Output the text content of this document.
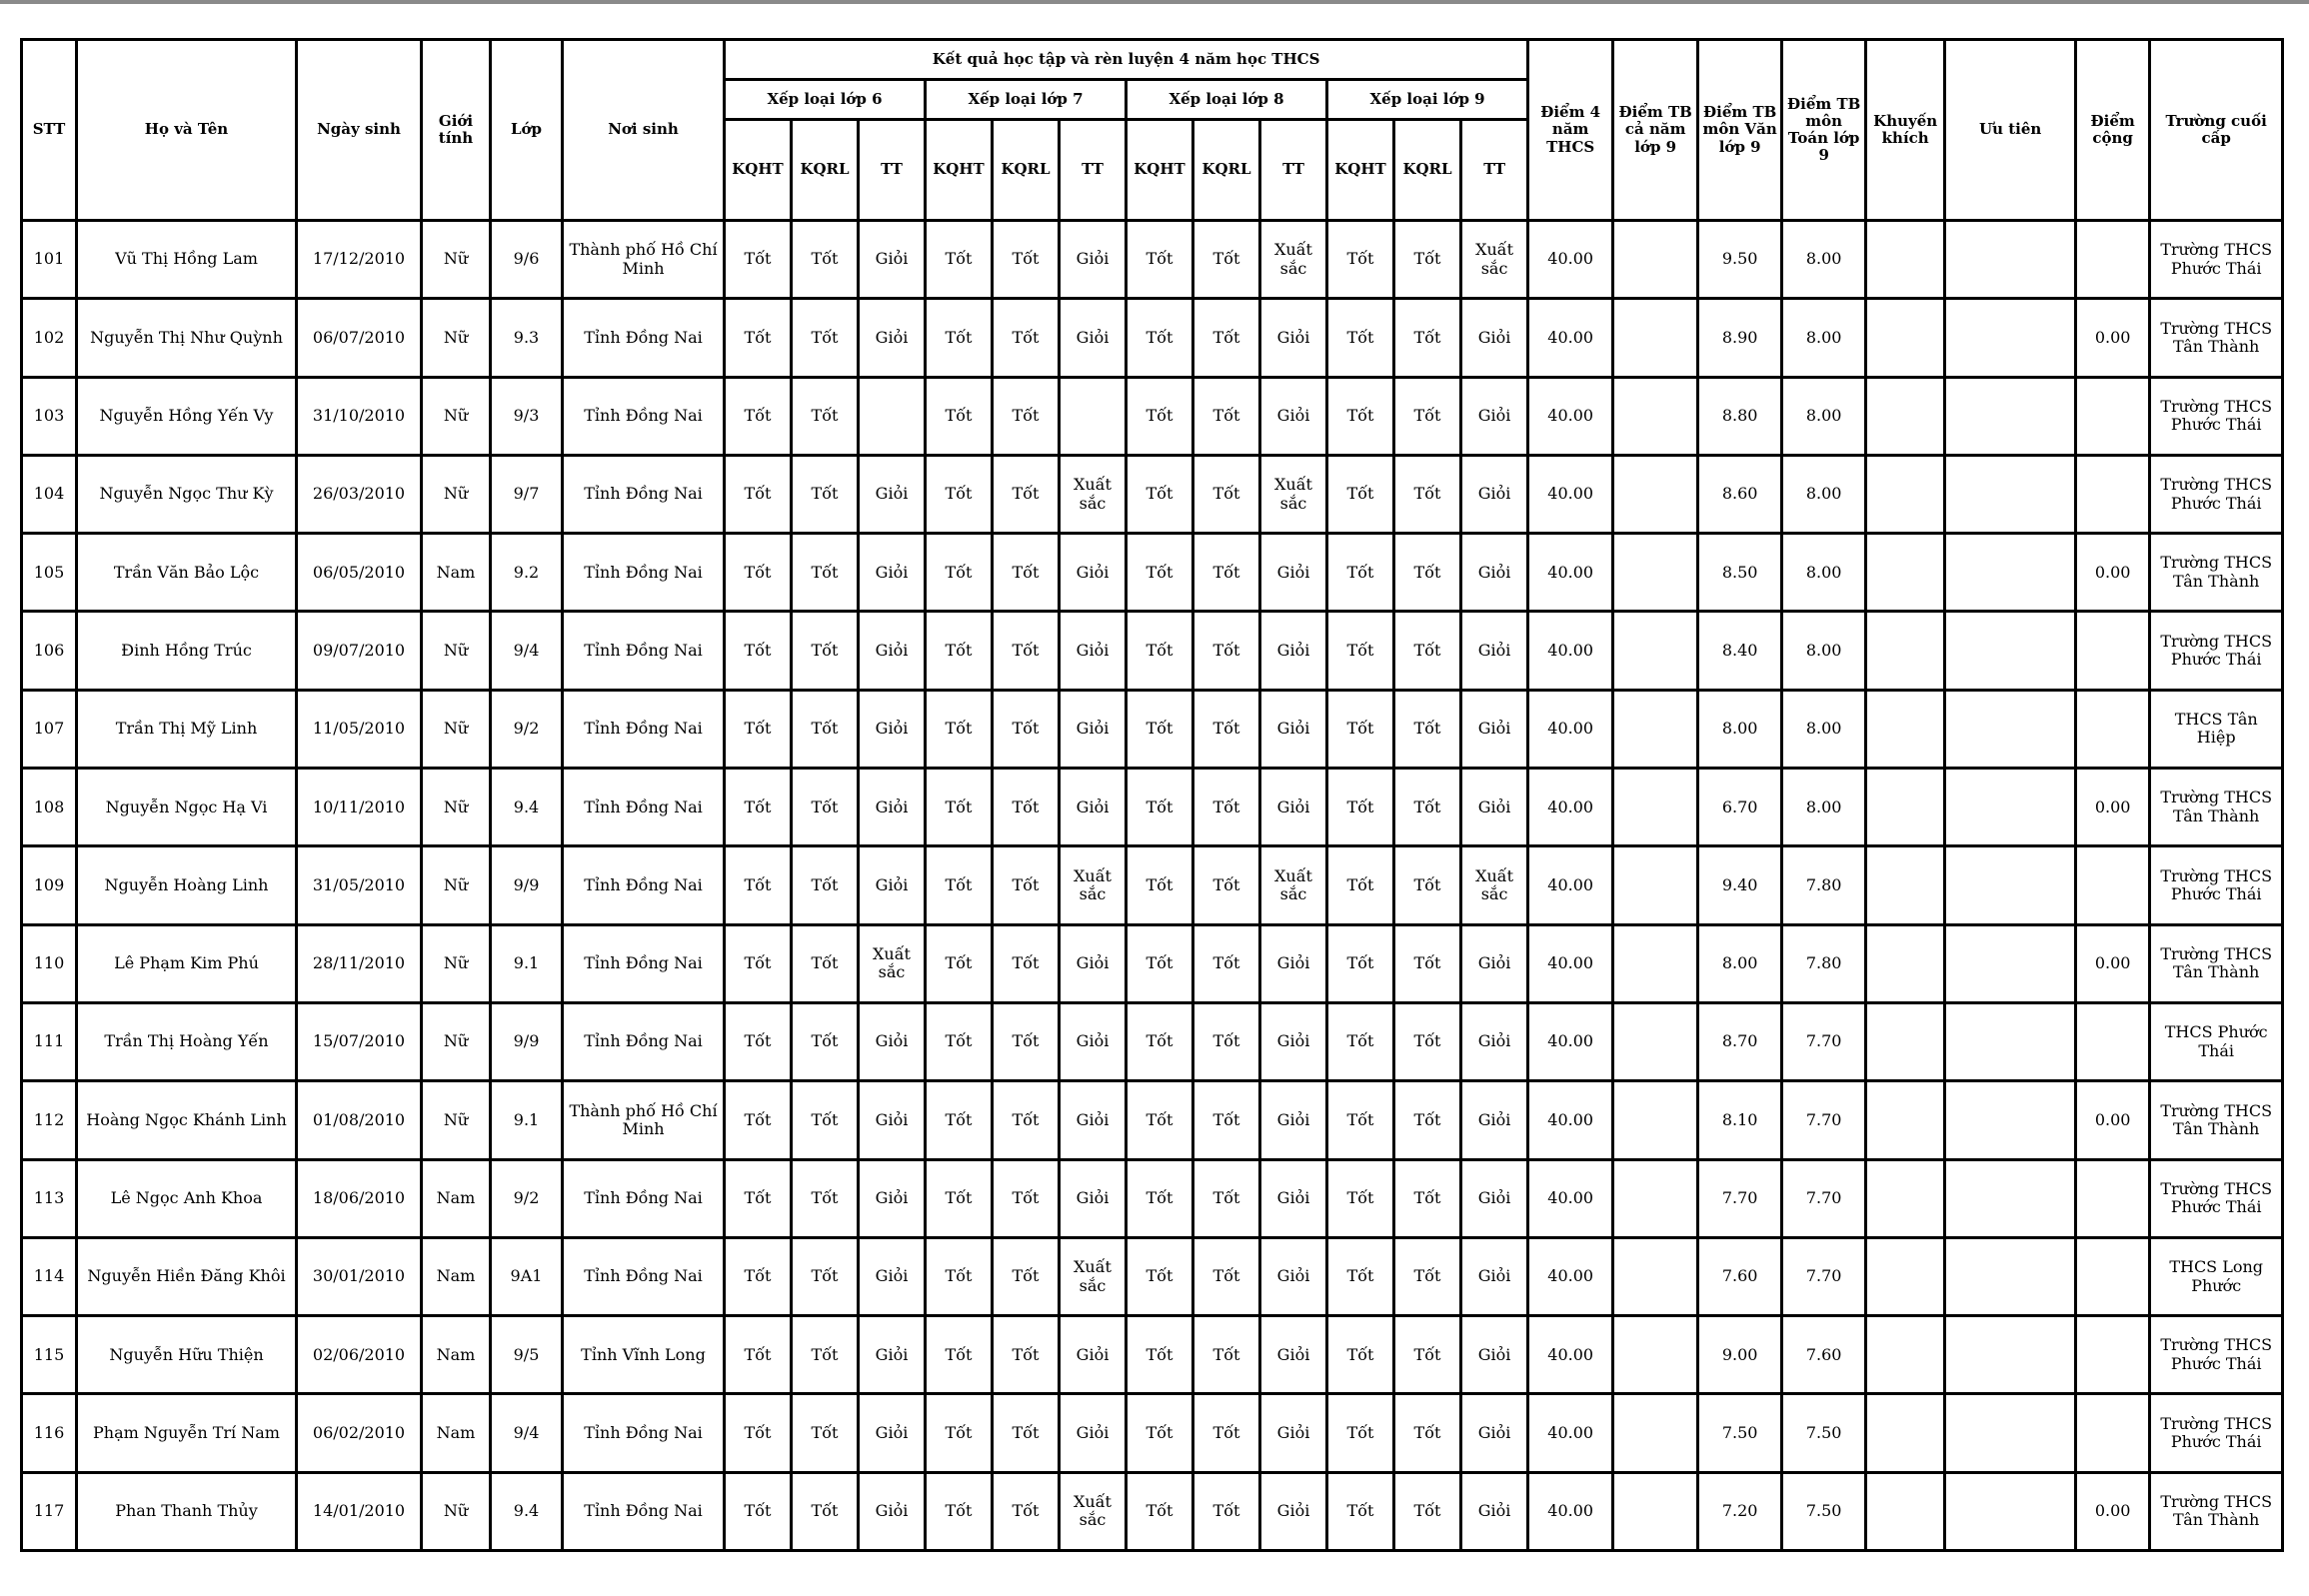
STT	Họ và Tên	Ngày sinh	Giới tính	Lớp	Nơi sinh	Kết quả học tập và rèn luyện 4 năm học THCS												Điểm 4 năm THCS	Điểm TB cả năm lớp 9	Điểm TB môn Văn lớp 9	Điểm TB môn Toán lớp 9	Khuyến khích	Ưu tiên	Điểm cộng	Trường cuối cấp
						Xếp loại lớp 6			Xếp loại lớp 7			Xếp loại lớp 8			Xếp loại lớp 9										
						KQHT	KQRL	TT	KQHT	KQRL	TT	KQHT	KQRL	TT	KQHT	KQRL	TT								
101	Vũ Thị Hồng Lam	17/12/2010	Nữ	9/6	Thành phố Hồ Chí Minh	Tốt	Tốt	Giỏi	Tốt	Tốt	Giỏi	Tốt	Tốt	Xuất sắc	Tốt	Tốt	Xuất sắc	40.00		9.50	8.00				Trường THCS Phước Thái
102	Nguyễn Thị Như Quỳnh	06/07/2010	Nữ	9.3	Tỉnh Đồng Nai	Tốt	Tốt	Giỏi	Tốt	Tốt	Giỏi	Tốt	Tốt	Giỏi	Tốt	Tốt	Giỏi	40.00		8.90	8.00			0.00	Trường THCS Tân Thành
103	Nguyễn Hồng Yến Vy	31/10/2010	Nữ	9/3	Tỉnh Đồng Nai	Tốt	Tốt		Tốt	Tốt		Tốt	Tốt	Giỏi	Tốt	Tốt	Giỏi	40.00		8.80	8.00				Trường THCS Phước Thái
104	Nguyễn Ngọc Thư Kỳ	26/03/2010	Nữ	9/7	Tỉnh Đồng Nai	Tốt	Tốt	Giỏi	Tốt	Tốt	Xuất sắc	Tốt	Tốt	Xuất sắc	Tốt	Tốt	Giỏi	40.00		8.60	8.00				Trường THCS Phước Thái
105	Trần Văn Bảo Lộc	06/05/2010	Nam	9.2	Tỉnh Đồng Nai	Tốt	Tốt	Giỏi	Tốt	Tốt	Giỏi	Tốt	Tốt	Giỏi	Tốt	Tốt	Giỏi	40.00		8.50	8.00			0.00	Trường THCS Tân Thành
106	Đinh Hồng Trúc	09/07/2010	Nữ	9/4	Tỉnh Đồng Nai	Tốt	Tốt	Giỏi	Tốt	Tốt	Giỏi	Tốt	Tốt	Giỏi	Tốt	Tốt	Giỏi	40.00		8.40	8.00				Trường THCS Phước Thái
107	Trần Thị Mỹ Linh	11/05/2010	Nữ	9/2	Tỉnh Đồng Nai	Tốt	Tốt	Giỏi	Tốt	Tốt	Giỏi	Tốt	Tốt	Giỏi	Tốt	Tốt	Giỏi	40.00		8.00	8.00				THCS Tân Hiệp
108	Nguyễn Ngọc Hạ Vi	10/11/2010	Nữ	9.4	Tỉnh Đồng Nai	Tốt	Tốt	Giỏi	Tốt	Tốt	Giỏi	Tốt	Tốt	Giỏi	Tốt	Tốt	Giỏi	40.00		6.70	8.00			0.00	Trường THCS Tân Thành
109	Nguyễn Hoàng Linh	31/05/2010	Nữ	9/9	Tỉnh Đồng Nai	Tốt	Tốt	Giỏi	Tốt	Tốt	Xuất sắc	Tốt	Tốt	Xuất sắc	Tốt	Tốt	Xuất sắc	40.00		9.40	7.80				Trường THCS Phước Thái
110	Lê Phạm Kim Phú	28/11/2010	Nữ	9.1	Tỉnh Đồng Nai	Tốt	Tốt	Xuất sắc	Tốt	Tốt	Giỏi	Tốt	Tốt	Giỏi	Tốt	Tốt	Giỏi	40.00		8.00	7.80			0.00	Trường THCS Tân Thành
111	Trần Thị Hoàng Yến	15/07/2010	Nữ	9/9	Tỉnh Đồng Nai	Tốt	Tốt	Giỏi	Tốt	Tốt	Giỏi	Tốt	Tốt	Giỏi	Tốt	Tốt	Giỏi	40.00		8.70	7.70				THCS Phước Thái
112	Hoàng Ngọc Khánh Linh	01/08/2010	Nữ	9.1	Thành phố Hồ Chí Minh	Tốt	Tốt	Giỏi	Tốt	Tốt	Giỏi	Tốt	Tốt	Giỏi	Tốt	Tốt	Giỏi	40.00		8.10	7.70			0.00	Trường THCS Tân Thành
113	Lê Ngọc Anh Khoa	18/06/2010	Nam	9/2	Tỉnh Đồng Nai	Tốt	Tốt	Giỏi	Tốt	Tốt	Giỏi	Tốt	Tốt	Giỏi	Tốt	Tốt	Giỏi	40.00		7.70	7.70				Trường THCS Phước Thái
114	Nguyễn Hiền Đăng Khôi	30/01/2010	Nam	9A1	Tỉnh Đồng Nai	Tốt	Tốt	Giỏi	Tốt	Tốt	Xuất sắc	Tốt	Tốt	Giỏi	Tốt	Tốt	Giỏi	40.00		7.60	7.70				THCS Long Phước
115	Nguyễn Hữu Thiện	02/06/2010	Nam	9/5	Tỉnh Vĩnh Long	Tốt	Tốt	Giỏi	Tốt	Tốt	Giỏi	Tốt	Tốt	Giỏi	Tốt	Tốt	Giỏi	40.00		9.00	7.60				Trường THCS Phước Thái
116	Phạm Nguyễn Trí Nam	06/02/2010	Nam	9/4	Tỉnh Đồng Nai	Tốt	Tốt	Giỏi	Tốt	Tốt	Giỏi	Tốt	Tốt	Giỏi	Tốt	Tốt	Giỏi	40.00		7.50	7.50				Trường THCS Phước Thái
117	Phan Thanh Thủy	14/01/2010	Nữ	9.4	Tỉnh Đồng Nai	Tốt	Tốt	Giỏi	Tốt	Tốt	Xuất sắc	Tốt	Tốt	Giỏi	Tốt	Tốt	Giỏi	40.00		7.20	7.50			0.00	Trường THCS Tân Thành
